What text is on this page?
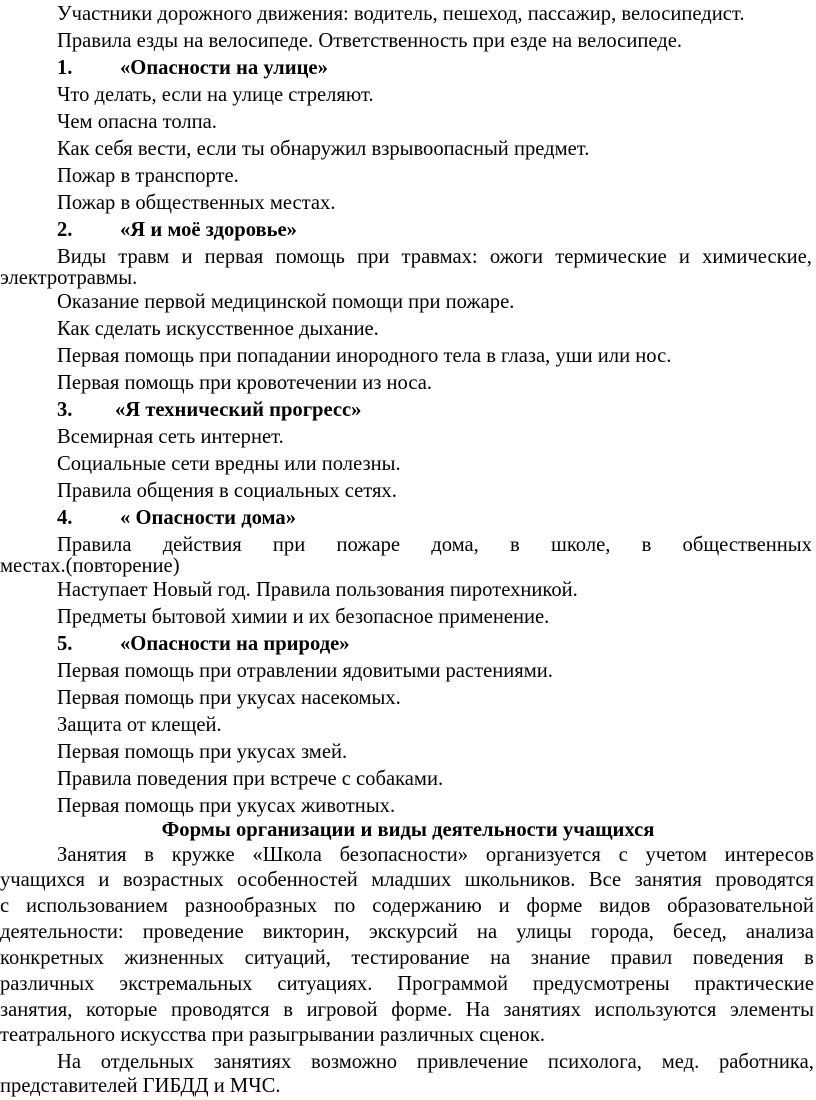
Участники дорожного движения: водитель, пешеход, пассажир, велосипедист.
Правила езды на велосипеде. Ответственность при езде на велосипеде.
1. «Опасности на улице»
Что делать, если на улице стреляют.
Чем опасна толпа.
Как себя вести, если ты обнаружил взрывоопасный предмет.
Пожар в транспорте.
Пожар в общественных местах.
2. «Я и моё здоровье»
Виды травм и первая помощь при травмах: ожоги термические и химические,
электротравмы.
Оказание первой медицинской помощи при пожаре.
Как сделать искусственное дыхание.
Первая помощь при попадании инородного тела в глаза, уши или нос.
Первая помощь при кровотечении из носа.
3. «Я технический прогресс»
Всемирная сеть интернет.
Социальные сети вредны или полезны.
Правила общения в социальных сетях.
4. « Опасности дома»
Правила действия при пожаре дома, в школе, в общественных
местах.(повторение)
Наступает Новый год. Правила пользования пиротехникой.
Предметы бытовой химии и их безопасное применение.
5. «Опасности на природе»
Первая помощь при отравлении ядовитыми растениями.
Первая помощь при укусах насекомых.
Защита от клещей.
Первая помощь при укусах змей.
Правила поведения при встрече с собаками.
Первая помощь при укусах животных.
Формы организации и виды деятельности учащихся
Занятия в кружке «Школа безопасности» организуется с учетом интересов
учащихся и возрастных особенностей младших школьников. Все занятия проводятся
с использованием разнообразных по содержанию и форме видов образовательной
деятельности: проведение викторин, экскурсий на улицы города, бесед, анализа
конкретных жизненных ситуаций, тестирование на знание правил поведения в
различных экстремальных ситуациях. Программой предусмотрены практические
занятия, которые проводятся в игровой форме. На занятиях используются элементы
театрального искусства при разыгрывании различных сценок.
На отдельных занятиях возможно привлечение психолога, мед. работника,
представителей ГИБДД и МЧС.
